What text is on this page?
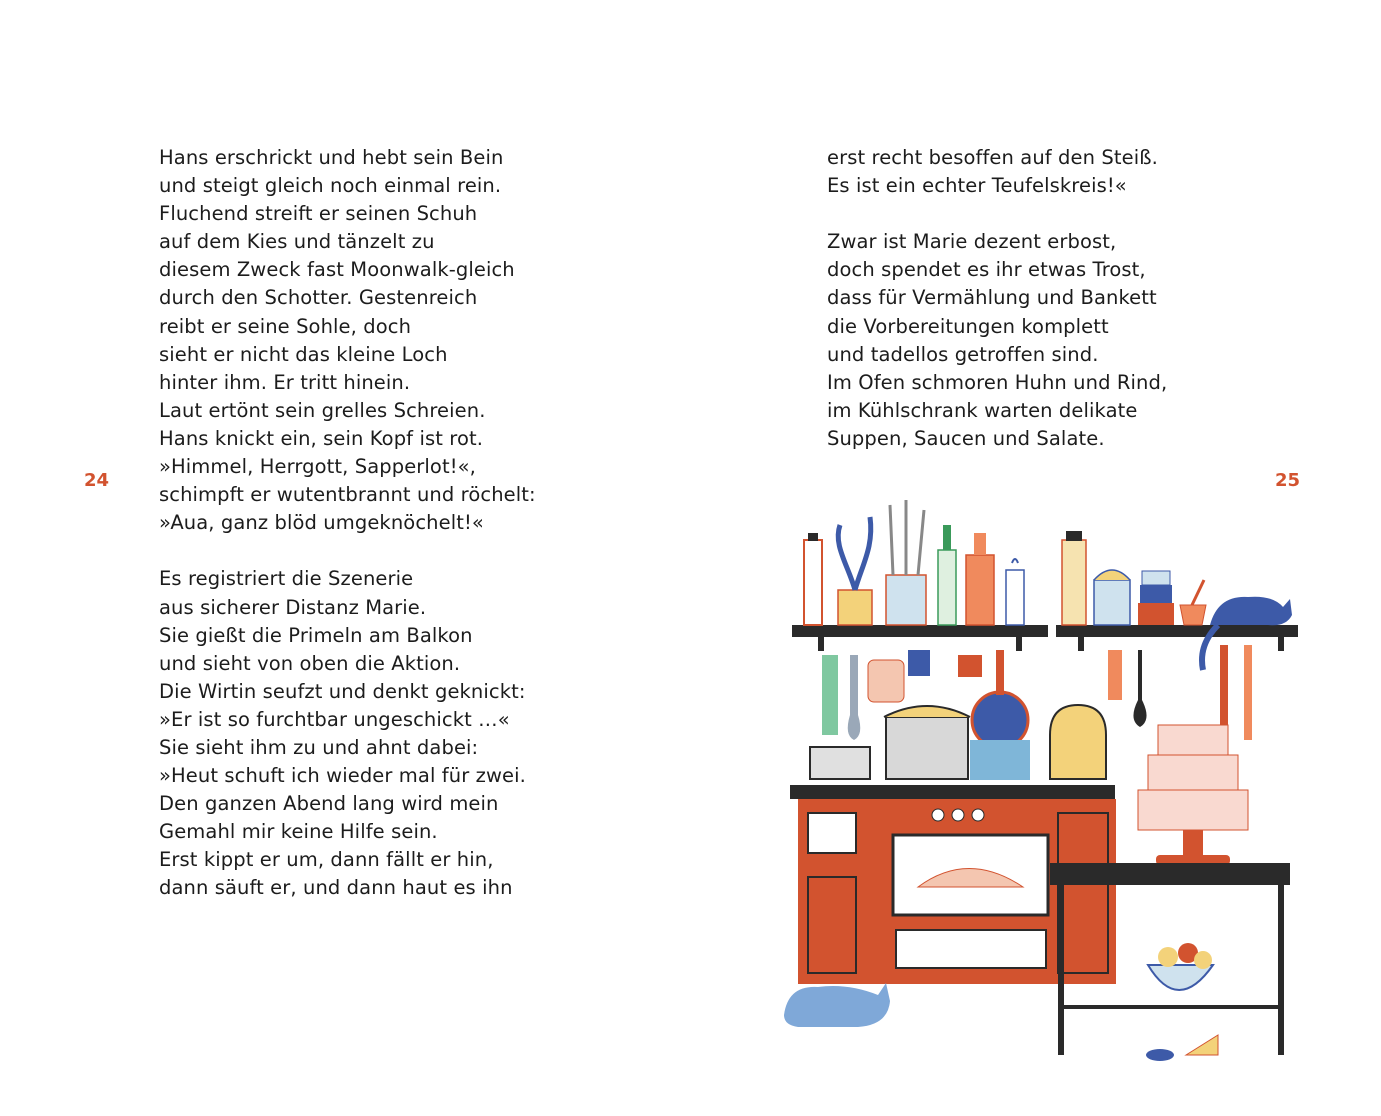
24	25
Hans erschrickt und hebt sein Bein
und steigt gleich noch einmal rein.
Fluchend streift er seinen Schuh
auf dem Kies und tänzelt zu
diesem Zweck fast Moonwalk-gleich
durch den Schotter. Gestenreich
reibt er seine Sohle, doch
sieht er nicht das kleine Loch
hinter ihm. Er tritt hinein.
Laut ertönt sein grelles Schreien.
Hans knickt ein, sein Kopf ist rot.
»Himmel, Herrgott, Sapperlot!«,
schimpft er wutentbrannt und röchelt:
»Aua, ganz blöd umgeknöchelt!«
Es registriert die Szenerie
aus sicherer Distanz Marie.
Sie gießt die Primeln am Balkon
und sieht von oben die Aktion.
Die Wirtin seufzt und denkt geknickt:
»Er ist so furchtbar ungeschickt …«
Sie sieht ihm zu und ahnt dabei:
»Heut schuft ich wieder mal für zwei.
Den ganzen Abend lang wird mein
Gemahl mir keine Hilfe sein.
Erst kippt er um, dann fällt er hin,
dann säuft er, und dann haut es ihn
erst recht besoffen auf den Steiß.
Es ist ein echter Teufelskreis!«
Zwar ist Marie dezent erbost,
doch spendet es ihr etwas Trost,
dass für Vermählung und Bankett
die Vorbereitungen komplett
und tadellos getroffen sind.
Im Ofen schmoren Huhn und Rind,
im Kühlschrank warten delikate
Suppen, Saucen und Salate.
